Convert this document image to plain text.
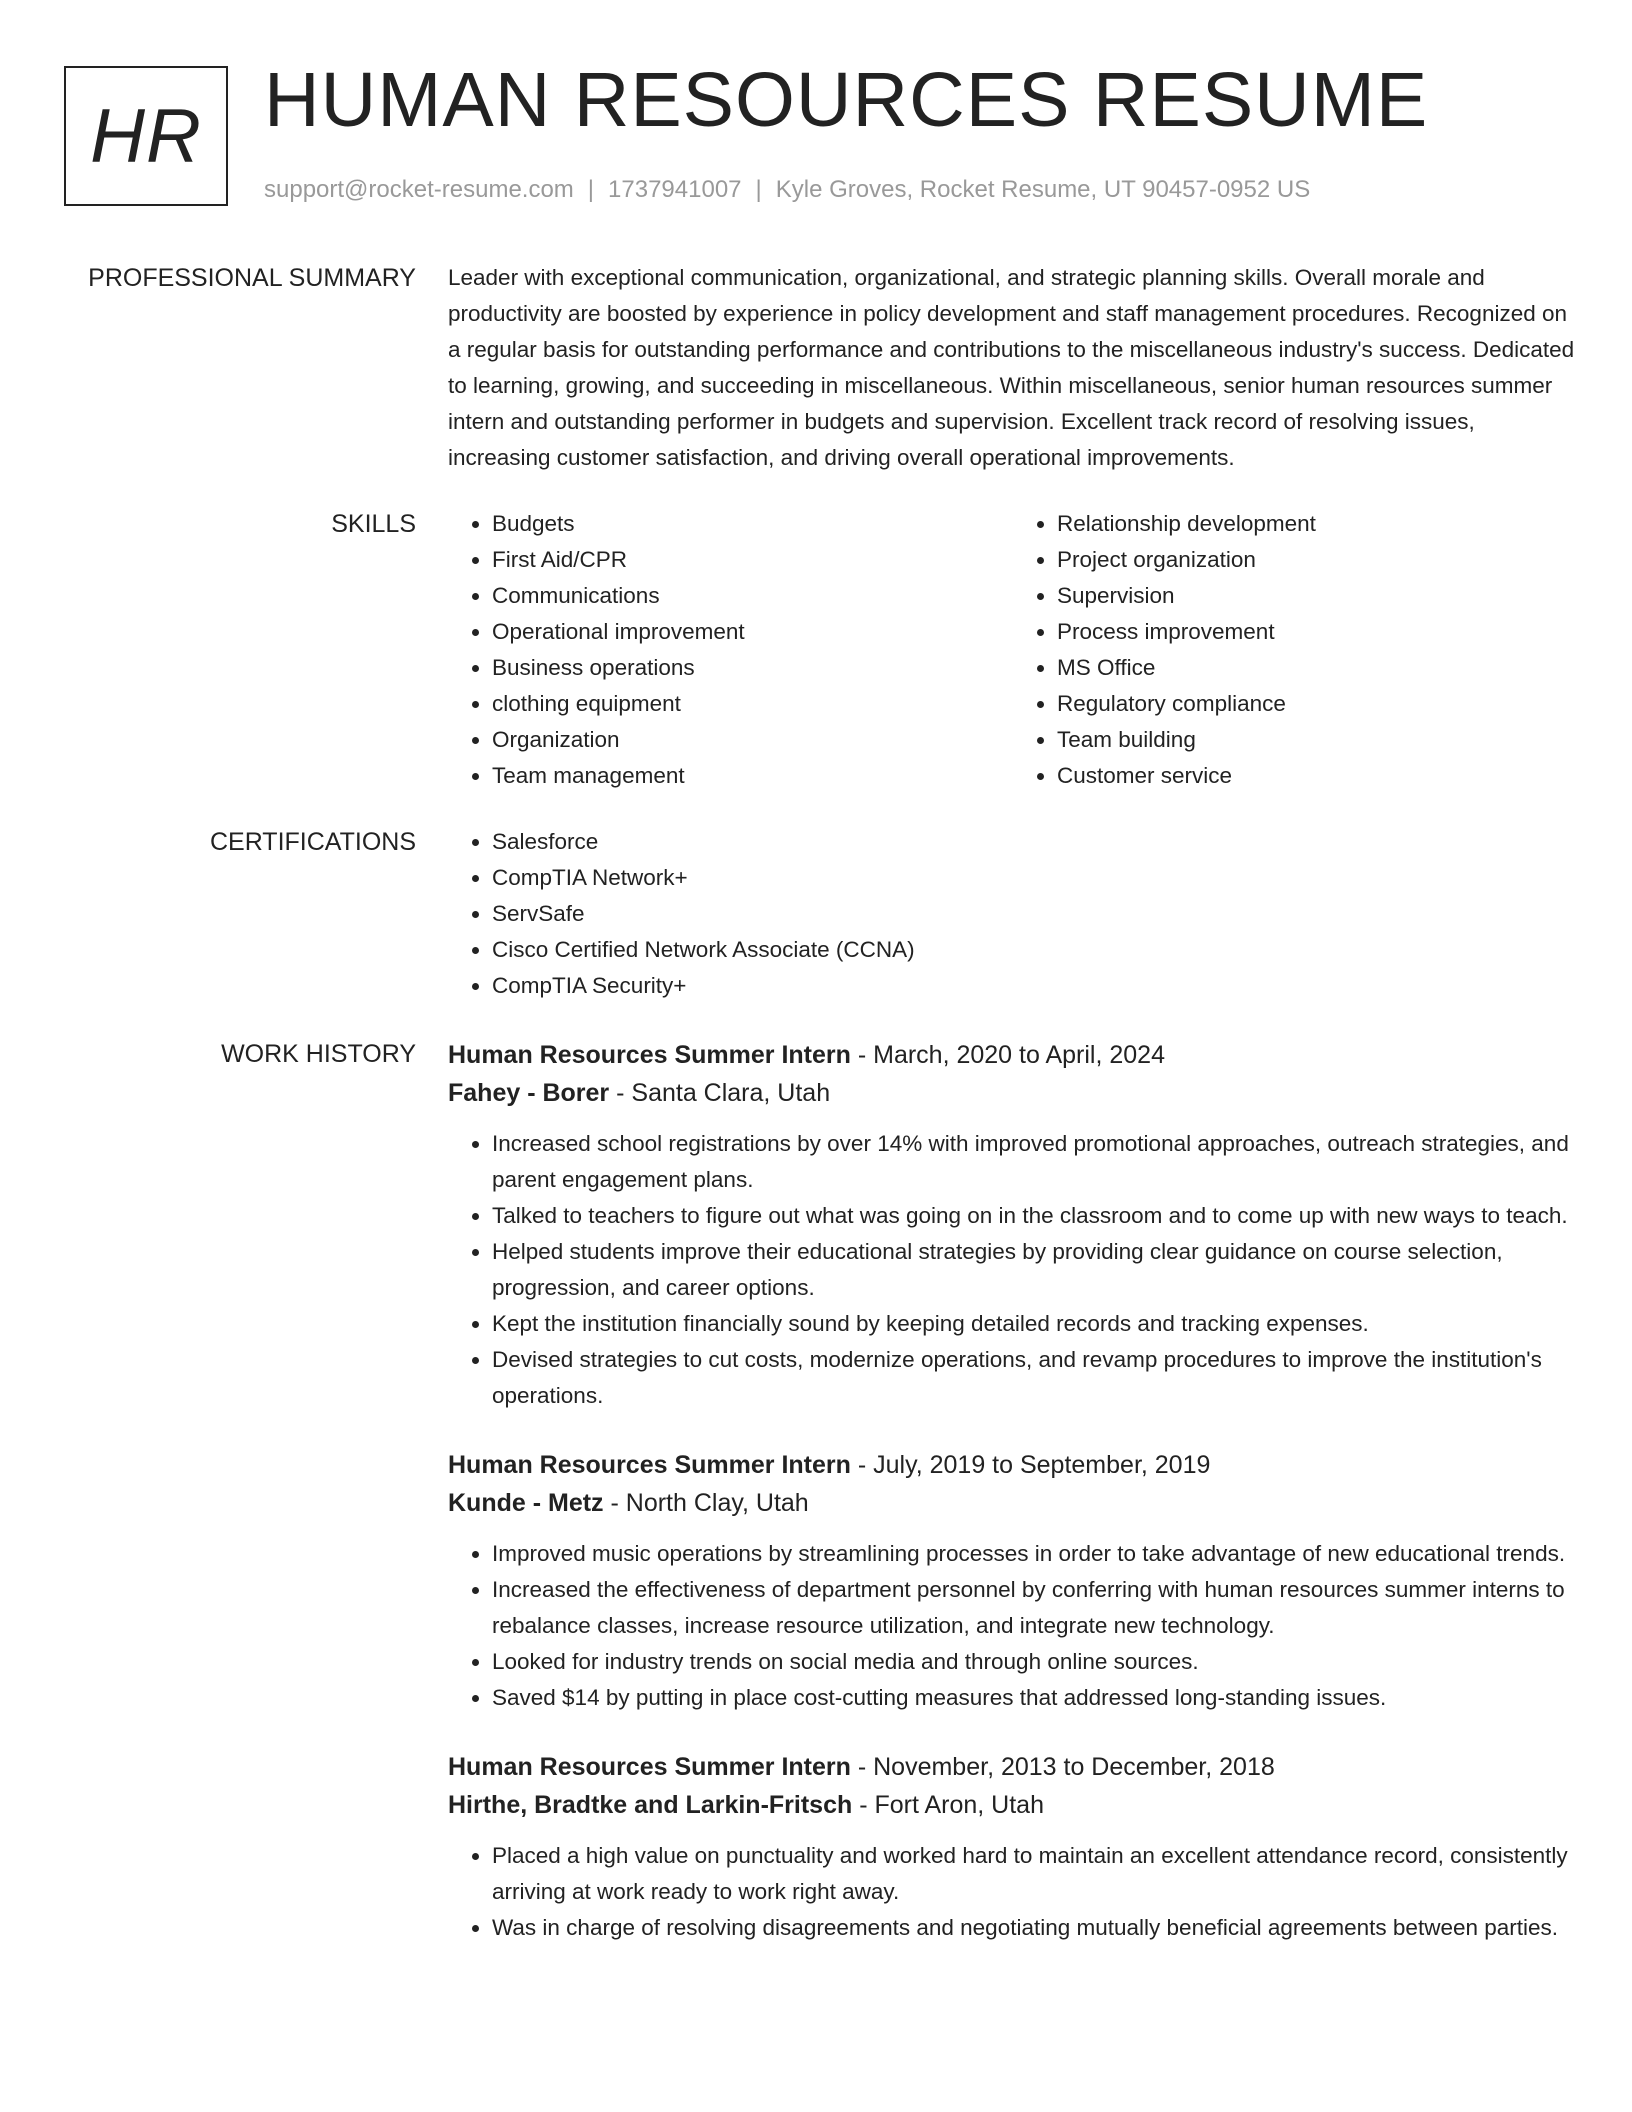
HR HUMAN RESOURCES RESUME
support@rocket-resume.com | 1737941007 | Kyle Groves, Rocket Resume, UT 90457-0952 US
PROFESSIONAL SUMMARY Leader with exceptional communication, organizational, and strategic planning skills. Overall morale and productivity are boosted by experience in policy development and staff management procedures. Recognized on a regular basis for outstanding performance and contributions to the miscellaneous industry's success. Dedicated to learning, growing, and succeeding in miscellaneous. Within miscellaneous, senior human resources summer intern and outstanding performer in budgets and supervision. Excellent track record of resolving issues, increasing customer satisfaction, and driving overall operational improvements.

SKILLS	• Budgets
• First Aid/CPR
• Communications
• Operational improvement
• Business operations
• clothing equipment
• Organization
• Team management
• Relationship development
• Project organization
• Supervision
• Process improvement
• MS Office
• Regulatory compliance
• Team building
• Customer service
CERTIFICATIONS	• Salesforce
• CompTIA Network+
• ServSafe
• Cisco Certified Network Associate (CCNA)
• CompTIA Security+
WORK HISTORY Human Resources Summer Intern - March, 2020 to April, 2024
Fahey - Borer - Santa Clara, Utah
• Increased school registrations by over 14% with improved promotional approaches, outreach strategies, and parent engagement plans.
• Talked to teachers to figure out what was going on in the classroom and to come up with new ways to teach.
• Helped students improve their educational strategies by providing clear guidance on course selection, progression, and career options.
• Kept the institution financially sound by keeping detailed records and tracking expenses.
• Devised strategies to cut costs, modernize operations, and revamp procedures to improve the institution's operations.
Human Resources Summer Intern - July, 2019 to September, 2019
Kunde - Metz - North Clay, Utah
• Improved music operations by streamlining processes in order to take advantage of new educational trends.
• Increased the effectiveness of department personnel by conferring with human resources summer interns to rebalance classes, increase resource utilization, and integrate new technology.
• Looked for industry trends on social media and through online sources.
• Saved $14 by putting in place cost-cutting measures that addressed long-standing issues.
Human Resources Summer Intern - November, 2013 to December, 2018
Hirthe, Bradtke and Larkin-Fritsch - Fort Aron, Utah
• Placed a high value on punctuality and worked hard to maintain an excellent attendance record, consistently arriving at work ready to work right away.
• Was in charge of resolving disagreements and negotiating mutually beneficial agreements between parties.
